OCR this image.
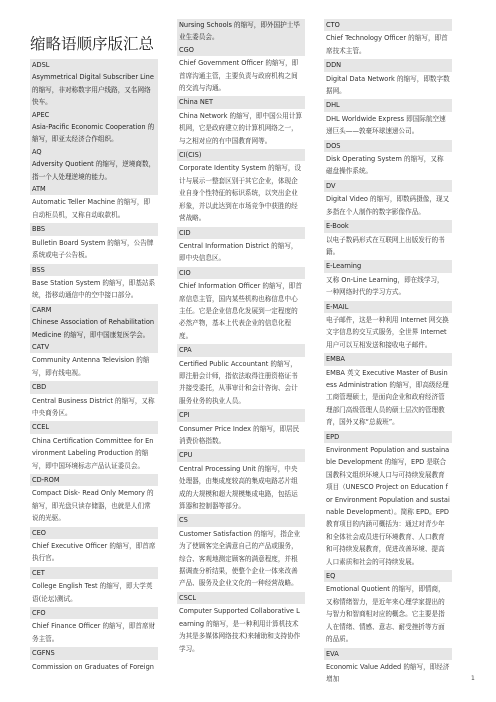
缩略语顺序版汇总
ADSL
Asymmetrical Digital Subscriber Line 的缩写，非对称数字用户线路，又名网络快车。
APEC
Asia-Pacific Economic Cooperation 的缩写，即亚太经济合作组织。
AQ
Adversity Quotient 的缩写，逆境商数，指一个人处理逆境的能力。
ATM
Automatic Teller Machine 的缩写，即自动柜员机，又称自动取款机。
BBS
Bulletin Board System 的缩写，公告牌系统或电子公告板。
BSS
Base Station System 的缩写，即基站系统，指移动通信中的空中接口部分。
CARM
Chinese Association of Rehabilitation Medicine 的缩写，即中国康复医学会。
CATV
Community Antenna Television 的缩写，即有线电视。
CBD
Central Business District 的缩写，又称中央商务区。
CCEL
China Certification Committee for Environment Labeling Production 的缩写，即中国环境标志产品认证委员会。
CD-ROM
Compact Disk- Read Only Memory 的缩写，即光盘只读存储器，也就是人们常说的光驱。
CEO
Chief Executive Officer 的缩写，即首席执行官。
CET
College English Test 的缩写，即大学英语(论坛)测试。
CFO
Chief Finance Officer 的缩写，即首席财务主管。
CGFNS
Commission on Graduates of Foreign
Nursing Schools 的缩写，即外国护士毕业生委员会。
CGO
Chief Government Officer 的缩写，即首席沟通主管，主要负责与政府机构之间的交流与沟通。
China NET
China Network 的缩写，即中国公用计算机网，它是政府建立的计算机网络之一，与之相对应的有中国教育网等。
CI(CIS)
Corporate Identity System 的缩写，设计与展示一整套区别于其它企业，体现企业自身个性特征的标识系统，以突出企业形象，并以此达到在市场竞争中获胜的经营战略。
CID
Central Information District 的缩写，即中央信息区。
CIO
Chief Information Officer 的缩写，即首席信息主管，国内某些机构也称信息中心主任。它是企业信息化发展到一定程度的必然产物，基本上代表企业的信息化程度。
CPA
Certified Public Accountant 的缩写，即注册会计师，指依法取得注册资格证书并接受委托，从事审计和会计咨询、会计服务业务的执业人员。
CPI
Consumer Price Index 的缩写，即居民消费价格指数。
CPU
Central Processing Unit 的缩写，中央处理器，由集成度较高的集成电路芯片组成的大规模和超大规模集成电路，包括运算器和控制器等部分。
CS
Customer Satisfaction 的缩写，指企业为了使顾客完全满意自己的产品或服务，综合、客观地测定顾客的满意程度，并根据调查分析结果，使整个企业一体来改善产品、服务及企业文化的一种经营战略。
CSCL
Computer Supported Collaborative Learning 的缩写，是一种利用计算机技术为其是多媒体网络技术)来辅助和支持协作学习。
CTO
Chief Technology Officer 的缩写，即首席技术主管。
DDN
Digital Data Network 的缩写，即数字数据网。
DHL
DHL Worldwide Express 即国际航空速递巨头——敦豪环球速递公司。
DOS
Disk Operating System 的缩写，又称磁盘操作系统。
DV
Digital Video 的缩写，即数码摄像，现又多指在个人制作的数字影像作品。
E-Book
以电子数码形式在互联网上出版发行的书籍。
E-Learning
又称 On-Line Learning，即在线学习，一种网络时代的学习方式。
E-MAIL
电子邮件，这是一种利用 Internet 网交换文字信息的交互式服务，全世界 Internet 用户可以互相发送和接收电子邮件。
EMBA
EMBA 英文 Executive Master of Business Administration 的缩写，即高级经理工商管理硕士，是面向企业和政府经济管理部门高级管理人员的硕士层次的管理教育，国外又称“总裁班”。
EPD
Environment Population and sustainable Development 的缩写，EPD 是联合国教科文组织环境人口与可持续发展教育项目（UNESCO Project on Education for Environment Population and sustainable Development）。简称 EPD。EPD 教育项目的内涵可概括为：通过对青少年和全体社会成员进行环境教育、人口教育和可持续发展教育，促进改善环境、提高人口素质和社会的可持续发展。
EQ
Emotional Quotient 的缩写，即情商，又称情绪智力，是近年来心理学家提出的与智力和智商相对应的概念。它主要是指人在情绪、情感、意志、耐受挫折等方面的品质。
EVA
Economic Value Added 的缩写，即经济增加	1
